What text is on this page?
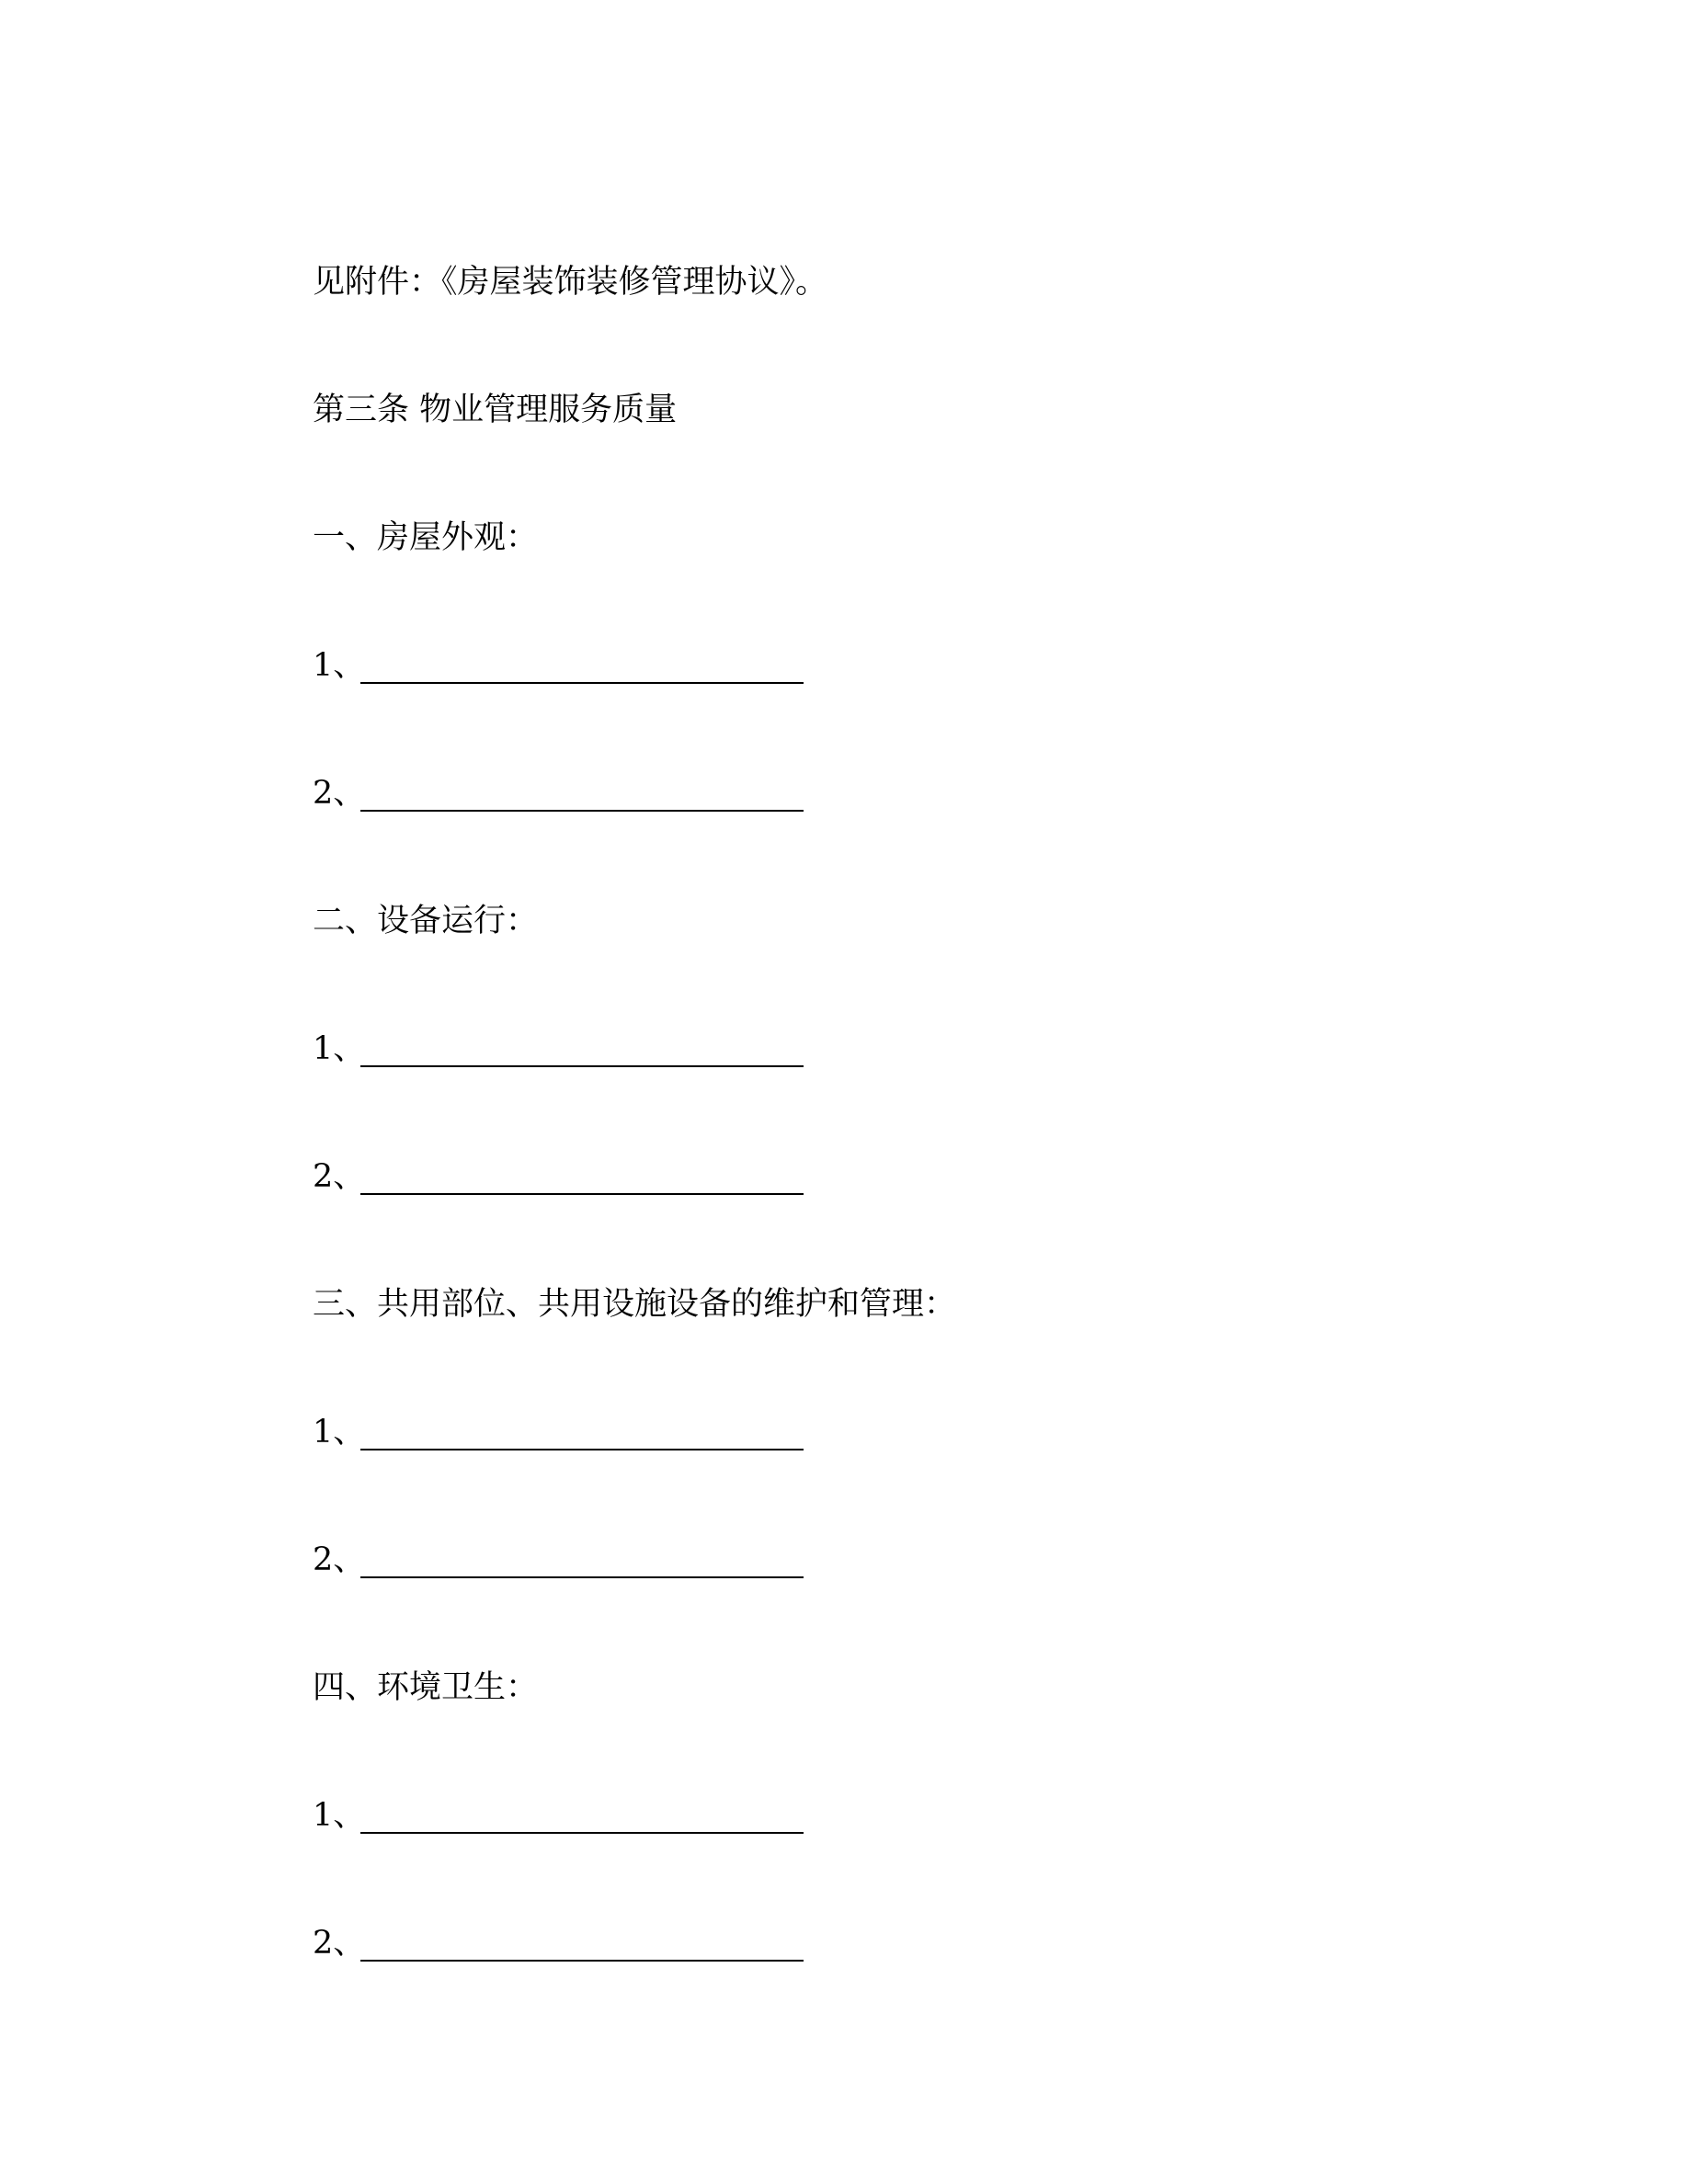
见附件：《房屋装饰装修管理协议》。
第三条 物业管理服务质量
一、房屋外观：
1、
2、
二、设备运行：
1、
2、
三、共用部位、共用设施设备的维护和管理：
1、
2、
四、环境卫生：
1、
2、
